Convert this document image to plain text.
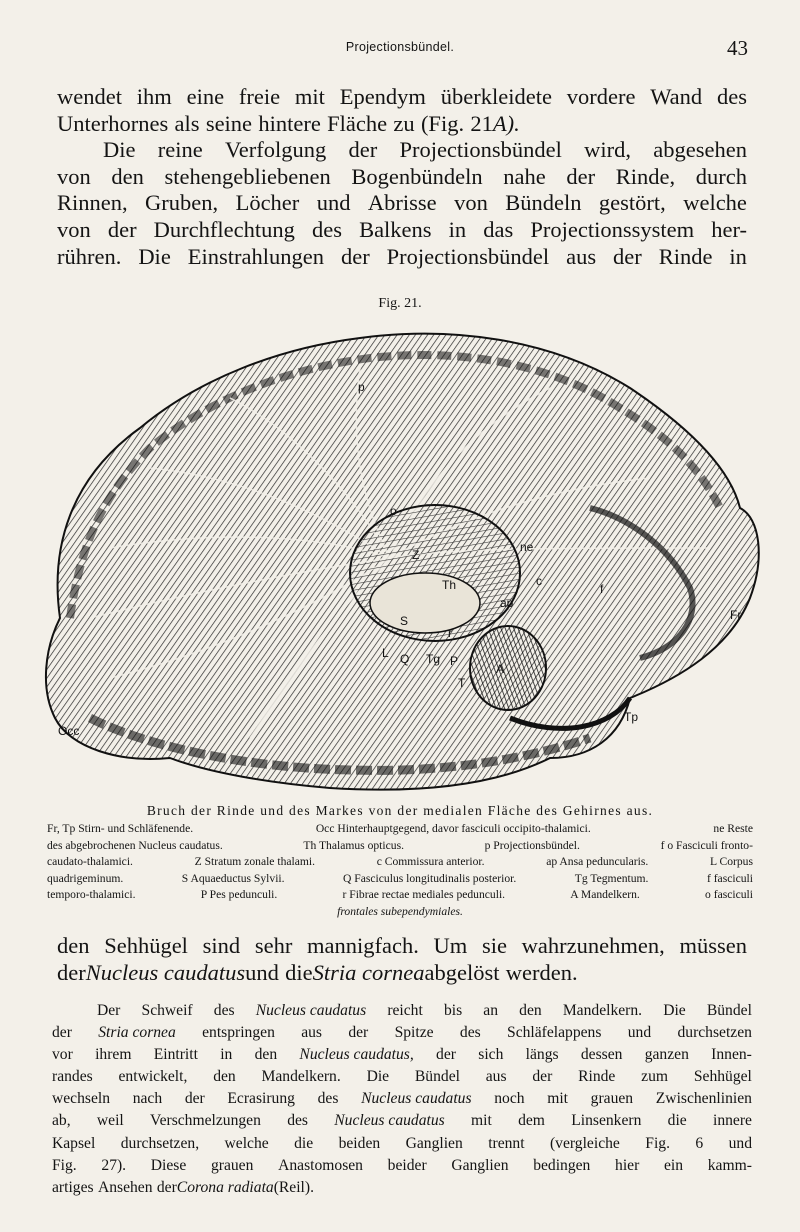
Projectionsbündel.	43
wendet ihm eine freie mit Ependym überkleidete vordere Wand des
Unterhornes als seine hintere Fläche zu (Fig. 21 A).
Die reine Verfolgung der Projectionsbündel wird, abgesehen
von den stehengebliebenen Bogenbündeln nahe der Rinde, durch
Rinnen, Gruben, Löcher und Abrisse von Bündeln gestört, welche
von der Durchflechtung des Balkens in das Projectionssystem her-
rühren. Die Einstrahlungen der Projectionsbündel aus der Rinde in
Fig. 21.
Fr
Tp
Occ
Th
ne
c
f
A
Z
p
o
ap
S
r
L Q Tg P
T
Bruch der Rinde und des Markes von der medialen Fläche des Gehirnes aus.
Fr, Tp Stirn- und Schläfenende.	Occ Hinterhauptgegend, davor fasciculi occipito-thalamici.	ne Reste
des abgebrochenen Nucleus caudatus.	Th Thalamus opticus.	p Projectionsbündel.	f o Fasciculi fronto-
caudato-thalamici.	Z Stratum zonale thalami.	c Commissura anterior.	ap Ansa peduncularis.	L Corpus
quadrigeminum.	S Aquaeductus Sylvii.	Q Fasciculus longitudinalis posterior.	Tg Tegmentum.	f fasciculi
temporo-thalamici.	P Pes pedunculi.	r Fibrae rectae mediales pedunculi.	A Mandelkern.	o fasciculi
frontales subependymiales.
den Sehhügel sind sehr mannigfach. Um sie wahrzunehmen, müssen
der Nucleus caudatus und die Stria cornea abgelöst werden.
Der Schweif des Nucleus caudatus reicht bis an den Mandelkern. Die Bündel
der Stria cornea entspringen aus der Spitze des Schläfelappens und durchsetzen
vor ihrem Eintritt in den Nucleus caudatus, der sich längs dessen ganzen Innen-
randes entwickelt, den Mandelkern. Die Bündel aus der Rinde zum Sehhügel
wechseln nach der Ecrasirung des Nucleus caudatus noch mit grauen Zwischenlinien
ab, weil Verschmelzungen des Nucleus caudatus mit dem Linsenkern die innere
Kapsel durchsetzen, welche die beiden Ganglien trennt (vergleiche Fig. 6 und
Fig. 27). Diese grauen Anastomosen beider Ganglien bedingen hier ein kamm-
artiges Ansehen der Corona radiata (Reil).
